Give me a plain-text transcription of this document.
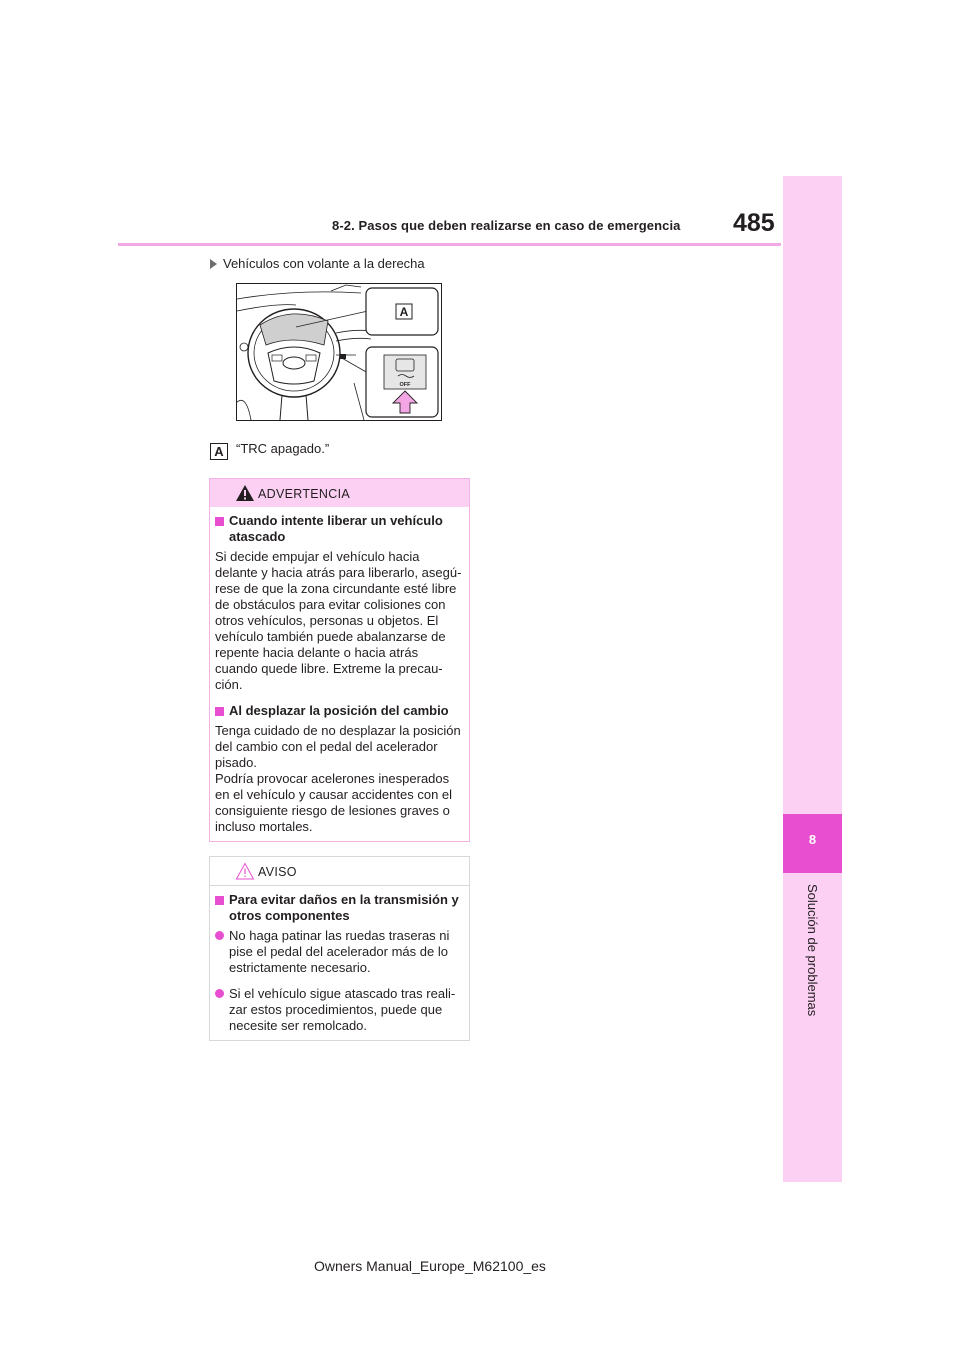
8-2. Pasos que deben realizarse en caso de emergencia 485
8
Solución de problemas
Vehículos con volante a la derecha
A
OFF
A “TRC apagado.”
ADVERTENCIA
Cuando intente liberar un vehículo atascado
Si decide empujar el vehículo hacia delante y hacia atrás para liberarlo, asegú-rese de que la zona circundante esté libre de obstáculos para evitar colisiones con otros vehículos, personas u objetos. El vehículo también puede abalanzarse de repente hacia delante o hacia atrás cuando quede libre. Extreme la precau-ción.
Al desplazar la posición del cambio
Tenga cuidado de no desplazar la posición del cambio con el pedal del acelerador pisado.
Podría provocar acelerones inesperados en el vehículo y causar accidentes con el consiguiente riesgo de lesiones graves o incluso mortales.
AVISO
Para evitar daños en la transmisión y otros componentes
No haga patinar las ruedas traseras ni pise el pedal del acelerador más de lo estrictamente necesario.
Si el vehículo sigue atascado tras reali-zar estos procedimientos, puede que necesite ser remolcado.
Owners Manual_Europe_M62100_es
